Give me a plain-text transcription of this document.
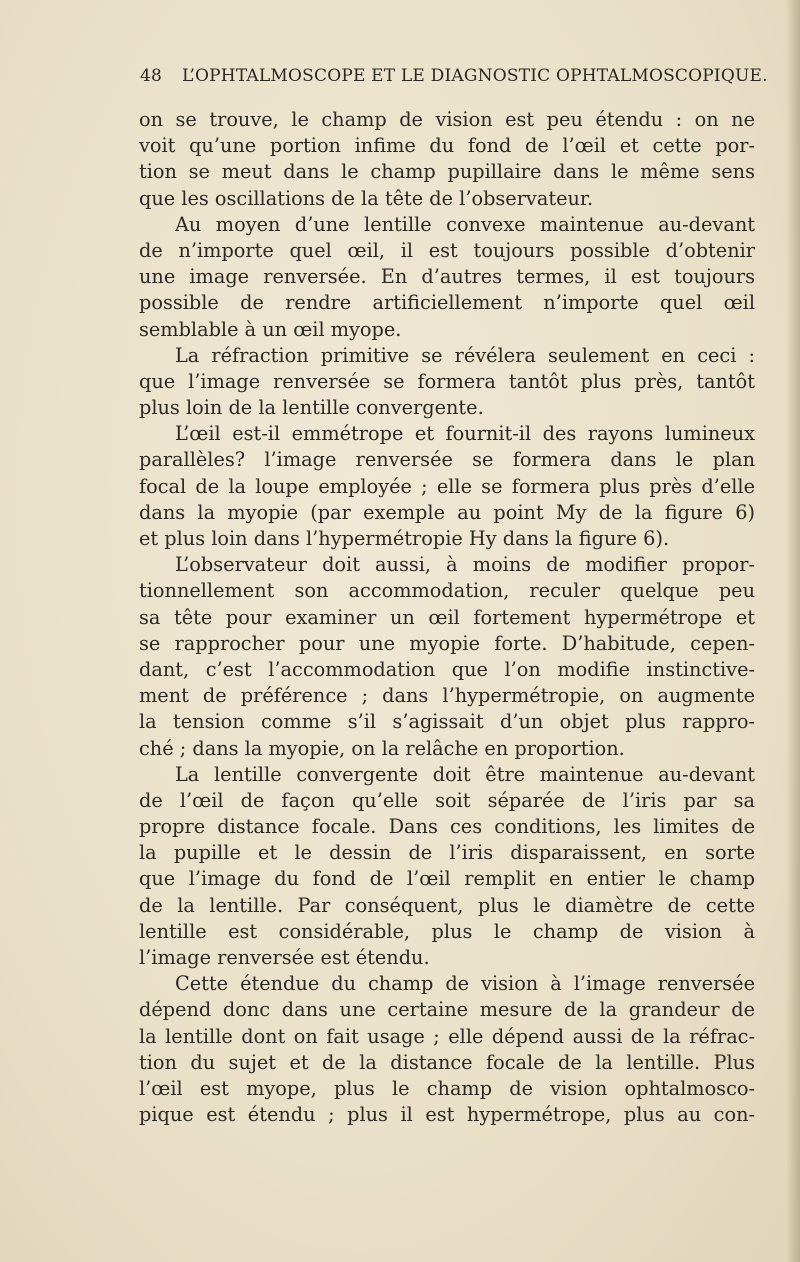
48 L’OPHTALMOSCOPE ET LE DIAGNOSTIC OPHTALMOSCOPIQUE.
on se trouve, le champ de vision est peu étendu : on ne
voit qu’une portion infime du fond de l’œil et cette por-
tion se meut dans le champ pupillaire dans le même sens
que les oscillations de la tête de l’observateur.
Au moyen d’une lentille convexe maintenue au-devant
de n’importe quel œil, il est toujours possible d’obtenir
une image renversée. En d’autres termes, il est toujours
possible de rendre artificiellement n’importe quel œil
semblable à un œil myope.
La réfraction primitive se révélera seulement en ceci :
que l’image renversée se formera tantôt plus près, tantôt
plus loin de la lentille convergente.
L’œil est-il emmétrope et fournit-il des rayons lumineux
parallèles? l’image renversée se formera dans le plan
focal de la loupe employée ; elle se formera plus près d’elle
dans la myopie (par exemple au point My de la figure 6)
et plus loin dans l’hypermétropie Hy dans la figure 6).
L’observateur doit aussi, à moins de modifier propor-
tionnellement son accommodation, reculer quelque peu
sa tête pour examiner un œil fortement hypermétrope et
se rapprocher pour une myopie forte. D’habitude, cepen-
dant, c’est l’accommodation que l’on modifie instinctive-
ment de préférence ; dans l’hypermétropie, on augmente
la tension comme s’il s’agissait d’un objet plus rappro-
ché ; dans la myopie, on la relâche en proportion.
La lentille convergente doit être maintenue au-devant
de l’œil de façon qu’elle soit séparée de l’iris par sa
propre distance focale. Dans ces conditions, les limites de
la pupille et le dessin de l’iris disparaissent, en sorte
que l’image du fond de l’œil remplit en entier le champ
de la lentille. Par conséquent, plus le diamètre de cette
lentille est considérable, plus le champ de vision à
l’image renversée est étendu.
Cette étendue du champ de vision à l’image renversée
dépend donc dans une certaine mesure de la grandeur de
la lentille dont on fait usage ; elle dépend aussi de la réfrac-
tion du sujet et de la distance focale de la lentille. Plus
l’œil est myope, plus le champ de vision ophtalmosco-
pique est étendu ; plus il est hypermétrope, plus au con-
